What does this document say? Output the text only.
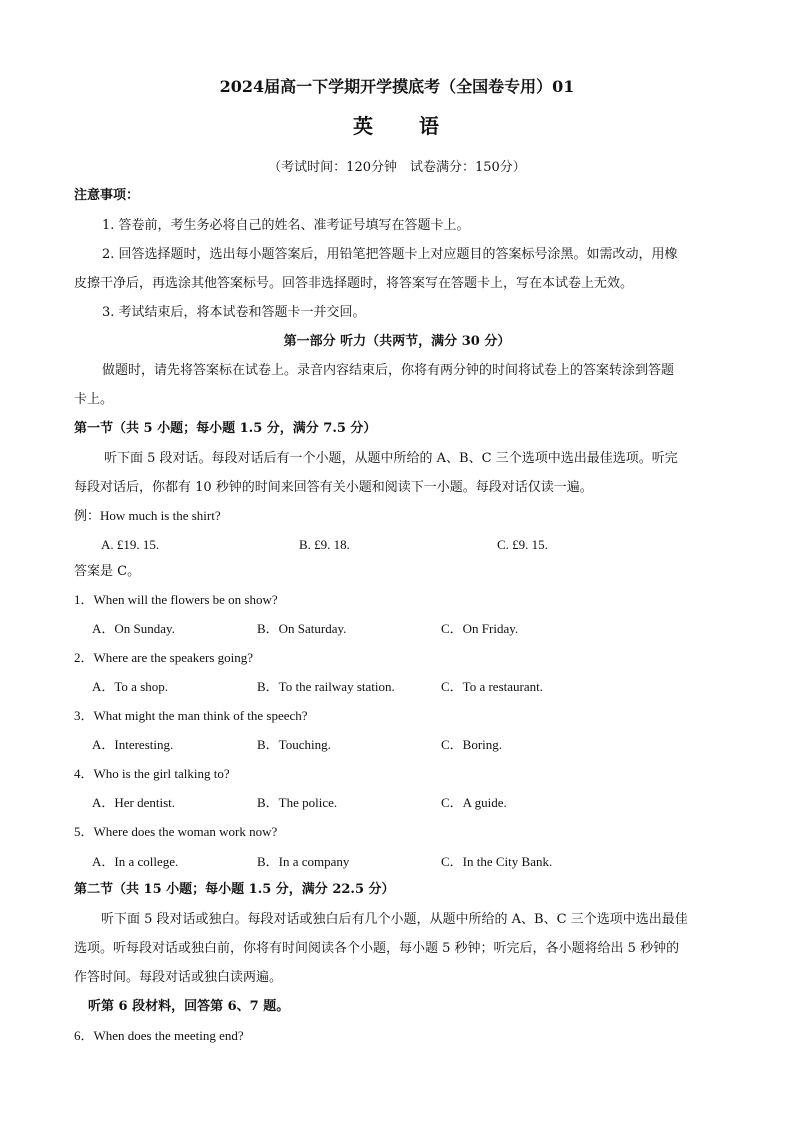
2024届高一下学期开学摸底考（全国卷专用）01
英 语
（考试时间：120分钟　试卷满分：150分）
注意事项：
1. 答卷前，考生务必将自己的姓名、准考证号填写在答题卡上。
2. 回答选择题时，选出每小题答案后，用铅笔把答题卡上对应题目的答案标号涂黑。如需改动，用橡
皮擦干净后，再选涂其他答案标号。回答非选择题时，将答案写在答题卡上，写在本试卷上无效。
3. 考试结束后，将本试卷和答题卡一并交回。
第一部分 听力（共两节，满分 30 分）
做题时，请先将答案标在试卷上。录音内容结束后，你将有两分钟的时间将试卷上的答案转涂到答题
卡上。
第一节（共 5 小题；每小题 1.5 分，满分 7.5 分）
听下面 5 段对话。每段对话后有一个小题，从题中所给的 A、B、C 三个选项中选出最佳选项。听完
每段对话后，你都有 10 秒钟的时间来回答有关小题和阅读下一小题。每段对话仅读一遍。
例：How much is the shirt?
A. £19. 15.	B. £9. 18.	C. £9. 15.
答案是 C。
1．When will the flowers be on show?
A．On Sunday.	B．On Saturday.	C．On Friday.
2．Where are the speakers going?
A．To a shop.	B．To the railway station.	C．To a restaurant.
3．What might the man think of the speech?
A．Interesting.	B．Touching.	C．Boring.
4．Who is the girl talking to?
A．Her dentist.	B．The police.	C．A guide.
5．Where does the woman work now?
A．In a college.	B．In a company	C．In the City Bank.
第二节（共 15 小题；每小题 1.5 分，满分 22.5 分）
听下面 5 段对话或独白。每段对话或独白后有几个小题，从题中所给的 A、B、C 三个选项中选出最佳
选项。听每段对话或独白前，你将有时间阅读各个小题，每小题 5 秒钟；听完后，各小题将给出 5 秒钟的
作答时间。每段对话或独白读两遍。
听第 6 段材料，回答第 6、7 题。
6．When does the meeting end?
